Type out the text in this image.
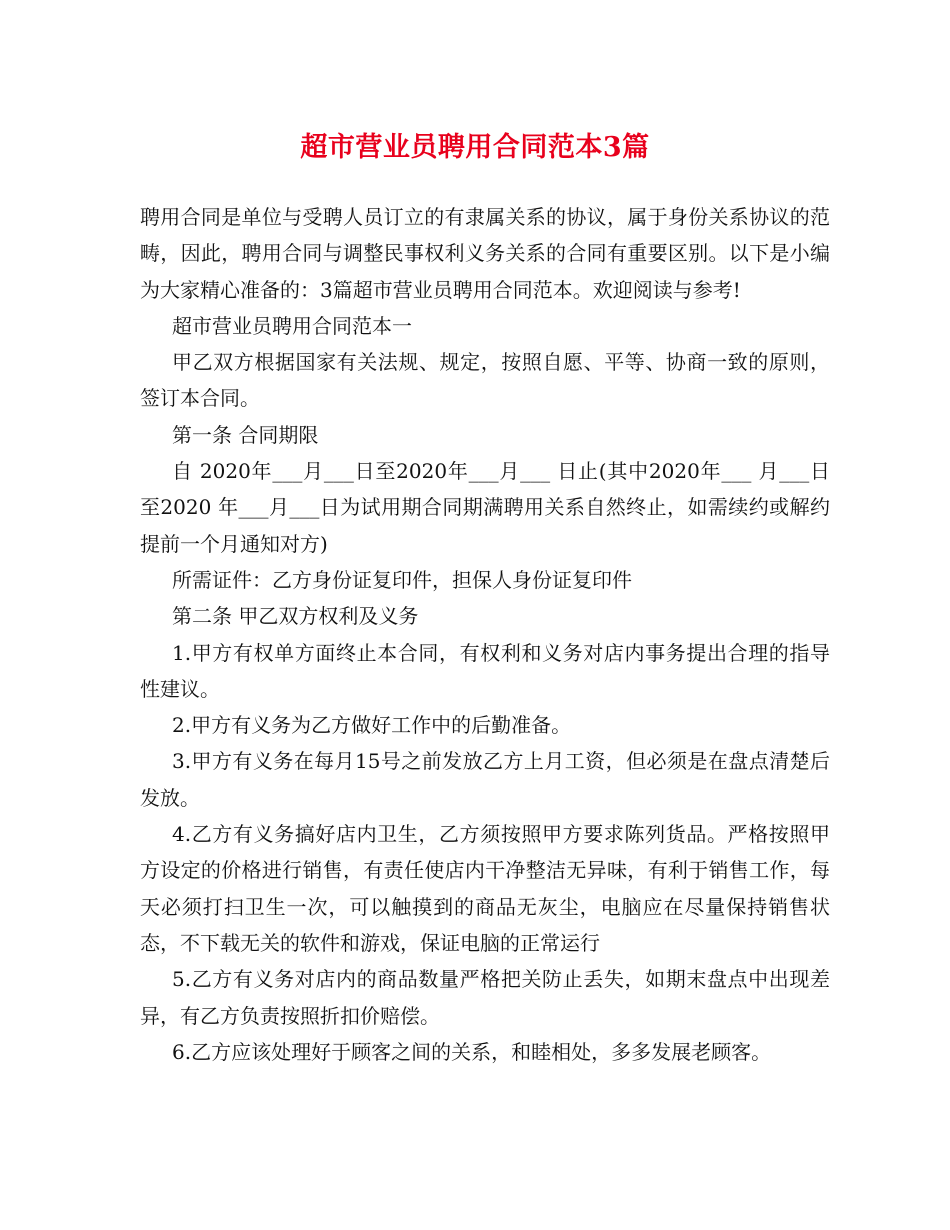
超市营业员聘用合同范本3篇

聘用合同是单位与受聘人员订立的有隶属关系的协议，属于身份关系协议的范畴，因此，聘用合同与调整民事权利义务关系的合同有重要区别。以下是小编为大家精心准备的：3篇超市营业员聘用合同范本。欢迎阅读与参考!

超市营业员聘用合同范本一

甲乙双方根据国家有关法规、规定，按照自愿、平等、协商一致的原则，签订本合同。

第一条 合同期限

自 2020年___月___日至2020年___月___ 日止(其中2020年___ 月___日至2020 年___月___日为试用期合同期满聘用关系自然终止，如需续约或解约提前一个月通知对方)

所需证件：乙方身份证复印件，担保人身份证复印件

第二条 甲乙双方权利及义务

1.甲方有权单方面终止本合同，有权利和义务对店内事务提出合理的指导性建议。

2.甲方有义务为乙方做好工作中的后勤准备。

3.甲方有义务在每月15号之前发放乙方上月工资，但必须是在盘点清楚后发放。

4.乙方有义务搞好店内卫生，乙方须按照甲方要求陈列货品。严格按照甲方设定的价格进行销售，有责任使店内干净整洁无异味，有利于销售工作，每天必须打扫卫生一次，可以触摸到的商品无灰尘，电脑应在尽量保持销售状态，不下载无关的软件和游戏，保证电脑的正常运行

5.乙方有义务对店内的商品数量严格把关防止丢失，如期末盘点中出现差异，有乙方负责按照折扣价赔偿。

6.乙方应该处理好于顾客之间的关系，和睦相处，多多发展老顾客。
